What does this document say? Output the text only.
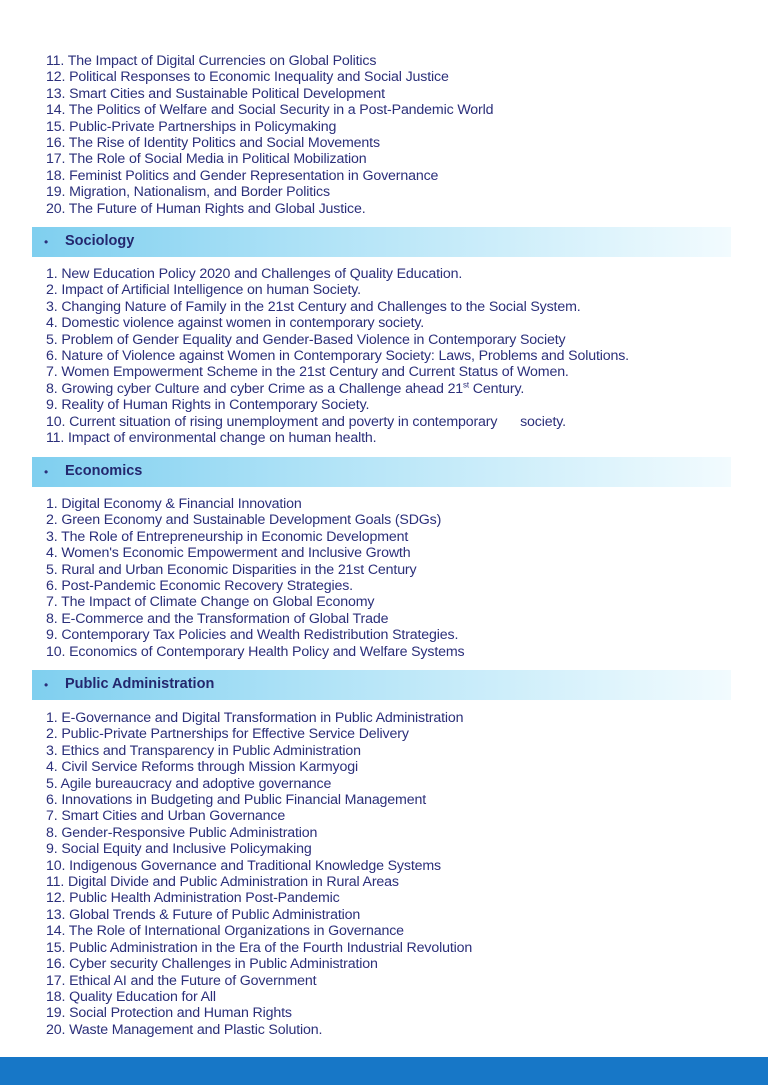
11. The Impact of Digital Currencies on Global Politics
12. Political Responses to Economic Inequality and Social Justice
13. Smart Cities and Sustainable Political Development
14. The Politics of Welfare and Social Security in a Post-Pandemic World
15. Public-Private Partnerships in Policymaking
16. The Rise of Identity Politics and Social Movements
17. The Role of Social Media in Political Mobilization
18. Feminist Politics and Gender Representation in Governance
19. Migration, Nationalism, and Border Politics
20. The Future of Human Rights and Global Justice.
• Sociology
1. New Education Policy 2020 and Challenges of Quality Education.
2. Impact of Artificial Intelligence on human Society.
3. Changing Nature of Family in the 21st Century and Challenges to the Social System.
4. Domestic violence against women in contemporary society.
5. Problem of Gender Equality and Gender-Based Violence in Contemporary Society
6. Nature of Violence against Women in Contemporary Society: Laws, Problems and Solutions.
7. Women Empowerment Scheme in the 21st Century and Current Status of Women.
8. Growing cyber Culture and cyber Crime as a Challenge ahead 21st Century.
9. Reality of Human Rights in Contemporary Society.
10. Current situation of rising unemployment and poverty in contemporary      society.
11. Impact of environmental change on human health.
• Economics
1. Digital Economy & Financial Innovation
2. Green Economy and Sustainable Development Goals (SDGs)
3. The Role of Entrepreneurship in Economic Development
4. Women's Economic Empowerment and Inclusive Growth
5. Rural and Urban Economic Disparities in the 21st Century
6. Post-Pandemic Economic Recovery Strategies.
7. The Impact of Climate Change on Global Economy
8. E-Commerce and the Transformation of Global Trade
9. Contemporary Tax Policies and Wealth Redistribution Strategies.
10. Economics of Contemporary Health Policy and Welfare Systems
• Public Administration
1. E-Governance and Digital Transformation in Public Administration
2. Public-Private Partnerships for Effective Service Delivery
3. Ethics and Transparency in Public Administration
4. Civil Service Reforms through Mission Karmyogi
5. Agile bureaucracy and adoptive governance
6. Innovations in Budgeting and Public Financial Management
7. Smart Cities and Urban Governance
8. Gender-Responsive Public Administration
9. Social Equity and Inclusive Policymaking
10. Indigenous Governance and Traditional Knowledge Systems
11. Digital Divide and Public Administration in Rural Areas
12. Public Health Administration Post-Pandemic
13. Global Trends & Future of Public Administration
14. The Role of International Organizations in Governance
15. Public Administration in the Era of the Fourth Industrial Revolution
16. Cyber security Challenges in Public Administration
17. Ethical AI and the Future of Government
18. Quality Education for All
19. Social Protection and Human Rights
20. Waste Management and Plastic Solution.
